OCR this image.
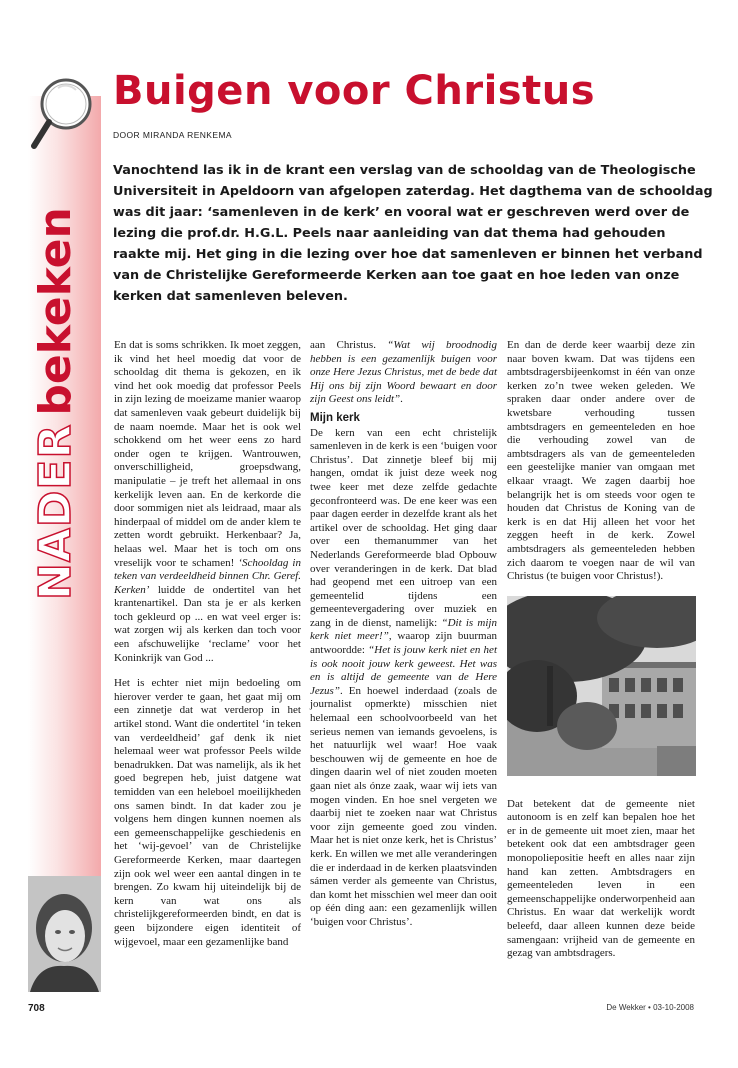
NADERbekeken
Buigen voor Christus
DOOR MIRANDA RENKEMA

Vanochtend las ik in de krant een verslag van de schooldag van de Theologische Universiteit in Apeldoorn van afgelopen zaterdag. Het dagthema van de schooldag was dit jaar: ‘samenleven in de kerk’ en vooral wat er geschreven werd over de lezing die prof.dr. H.G.L. Peels naar aanleiding van dat thema had gehouden raakte mij. Het ging in die lezing over hoe dat samenleven er binnen het verband van de Christelijke Gereformeerde Kerken aan toe gaat en hoe leden van onze kerken dat samenleven beleven.

En dat is soms schrikken. Ik moet zeggen, ik vind het heel moedig dat voor de schooldag dit thema is gekozen, en ik vind het ook moedig dat professor Peels in zijn lezing de moeizame manier waarop dat samenleven vaak gebeurt duidelijk bij de naam noemde. Maar het is ook wel schokkend om het weer eens zo hard onder ogen te krijgen. Wantrouwen, onverschilligheid, groepsdwang, manipulatie – je treft het allemaal in ons kerkelijk leven aan. En de kerkorde die door sommigen niet als leidraad, maar als hinderpaal of middel om de ander klem te zetten wordt gebruikt. Herkenbaar? Ja, helaas wel. Maar het is toch om ons vreselijk voor te schamen! ‘Schooldag in teken van verdeeldheid binnen Chr. Geref. Kerken’ luidde de ondertitel van het krantenartikel. Dan sta je er als kerken toch gekleurd op ... en wat veel erger is: wat zorgen wij als kerken dan toch voor een afschuwelijke ‘reclame’ voor het Koninkrijk van God ...

Het is echter niet mijn bedoeling om hierover verder te gaan, het gaat mij om een zinnetje dat wat verderop in het artikel stond. Want die ondertitel ‘in teken van verdeeldheid’ gaf denk ik niet helemaal weer wat professor Peels wilde benadrukken. Dat was namelijk, als ik het goed begrepen heb, juist datgene wat temidden van een heleboel moeilijkheden ons samen bindt. In dat kader zou je volgens hem dingen kunnen noemen als een gemeenschappelijke geschiedenis en het ‘wij-gevoel’ van de Christelijke Gereformeerde Kerken, maar daartegen zijn ook wel weer een aantal dingen in te brengen. Zo kwam hij uiteindelijk bij de kern van wat ons als christelijkgereformeerden bindt, en dat is geen bijzondere eigen identiteit of wijgevoel, maar een gezamenlijke band

aan Christus. “Wat wij broodnodig hebben is een gezamenlijk buigen voor onze Here Jezus Christus, met de bede dat Hij ons bij zijn Woord bewaart en door zijn Geest ons leidt”.

Mijn kerk

De kern van een echt christelijk samenleven in de kerk is een ‘buigen voor Christus’. Dat zinnetje bleef bij mij hangen, omdat ik juist deze week nog twee keer met deze zelfde gedachte geconfronteerd was. De ene keer was een paar dagen eerder in dezelfde krant als het artikel over de schooldag. Het ging daar over een themanummer van het Nederlands Gereformeerde blad Opbouw over veranderingen in de kerk. Dat blad had geopend met een uitroep van een gemeentelid tijdens een gemeentevergadering over muziek en zang in de dienst, namelijk: “Dit is mijn kerk niet meer!”, waarop zijn buurman antwoordde: “Het is jouw kerk niet en het is ook nooit jouw kerk geweest. Het was en is altijd de gemeente van de Here Jezus”. En hoewel inderdaad (zoals de journalist opmerkte) misschien niet helemaal een schoolvoorbeeld van het serieus nemen van iemands gevoelens, is het natuurlijk wel waar! Hoe vaak beschouwen wij de gemeente en hoe de dingen daarin wel of niet zouden moeten gaan niet als ónze zaak, waar wij iets van mogen vinden. En hoe snel vergeten we daarbij niet te zoeken naar wat Christus voor zijn gemeente goed zou vinden. Maar het is niet onze kerk, het is Christus’ kerk. En willen we met alle veranderingen die er inderdaad in de kerken plaatsvinden sámen verder als gemeente van Christus, dan komt het misschien wel meer dan ooit op één ding aan: een gezamenlijk willen ‘buigen voor Christus’.

En dan de derde keer waarbij deze zin naar boven kwam. Dat was tijdens een ambtsdragersbijeenkomst in één van onze kerken zo’n twee weken geleden. We spraken daar onder andere over de kwetsbare verhouding tussen ambtsdragers en gemeenteleden en hoe die verhouding zowel van de ambtsdragers als van de gemeenteleden een geestelijke manier van omgaan met elkaar vraagt. We zagen daarbij hoe belangrijk het is om steeds voor ogen te houden dat Christus de Koning van de kerk is en dat Hij alleen het voor het zeggen heeft in de kerk. Zowel ambtsdragers als gemeenteleden hebben zich daarom te voegen naar de wil van Christus (te buigen voor Christus!).

Dat betekent dat de gemeente niet autonoom is en zelf kan bepalen hoe het er in de gemeente uit moet zien, maar het betekent ook dat een ambtsdrager geen monopoliepositie heeft en alles naar zijn hand kan zetten. Ambtsdragers en gemeenteleden leven in een gemeenschappelijke onderworpenheid aan Christus. En waar dat werkelijk wordt beleefd, daar alleen kunnen deze beide samengaan: vrijheid van de gemeente en gezag van ambtsdragers.

708	De Wekker • 03-10-2008
